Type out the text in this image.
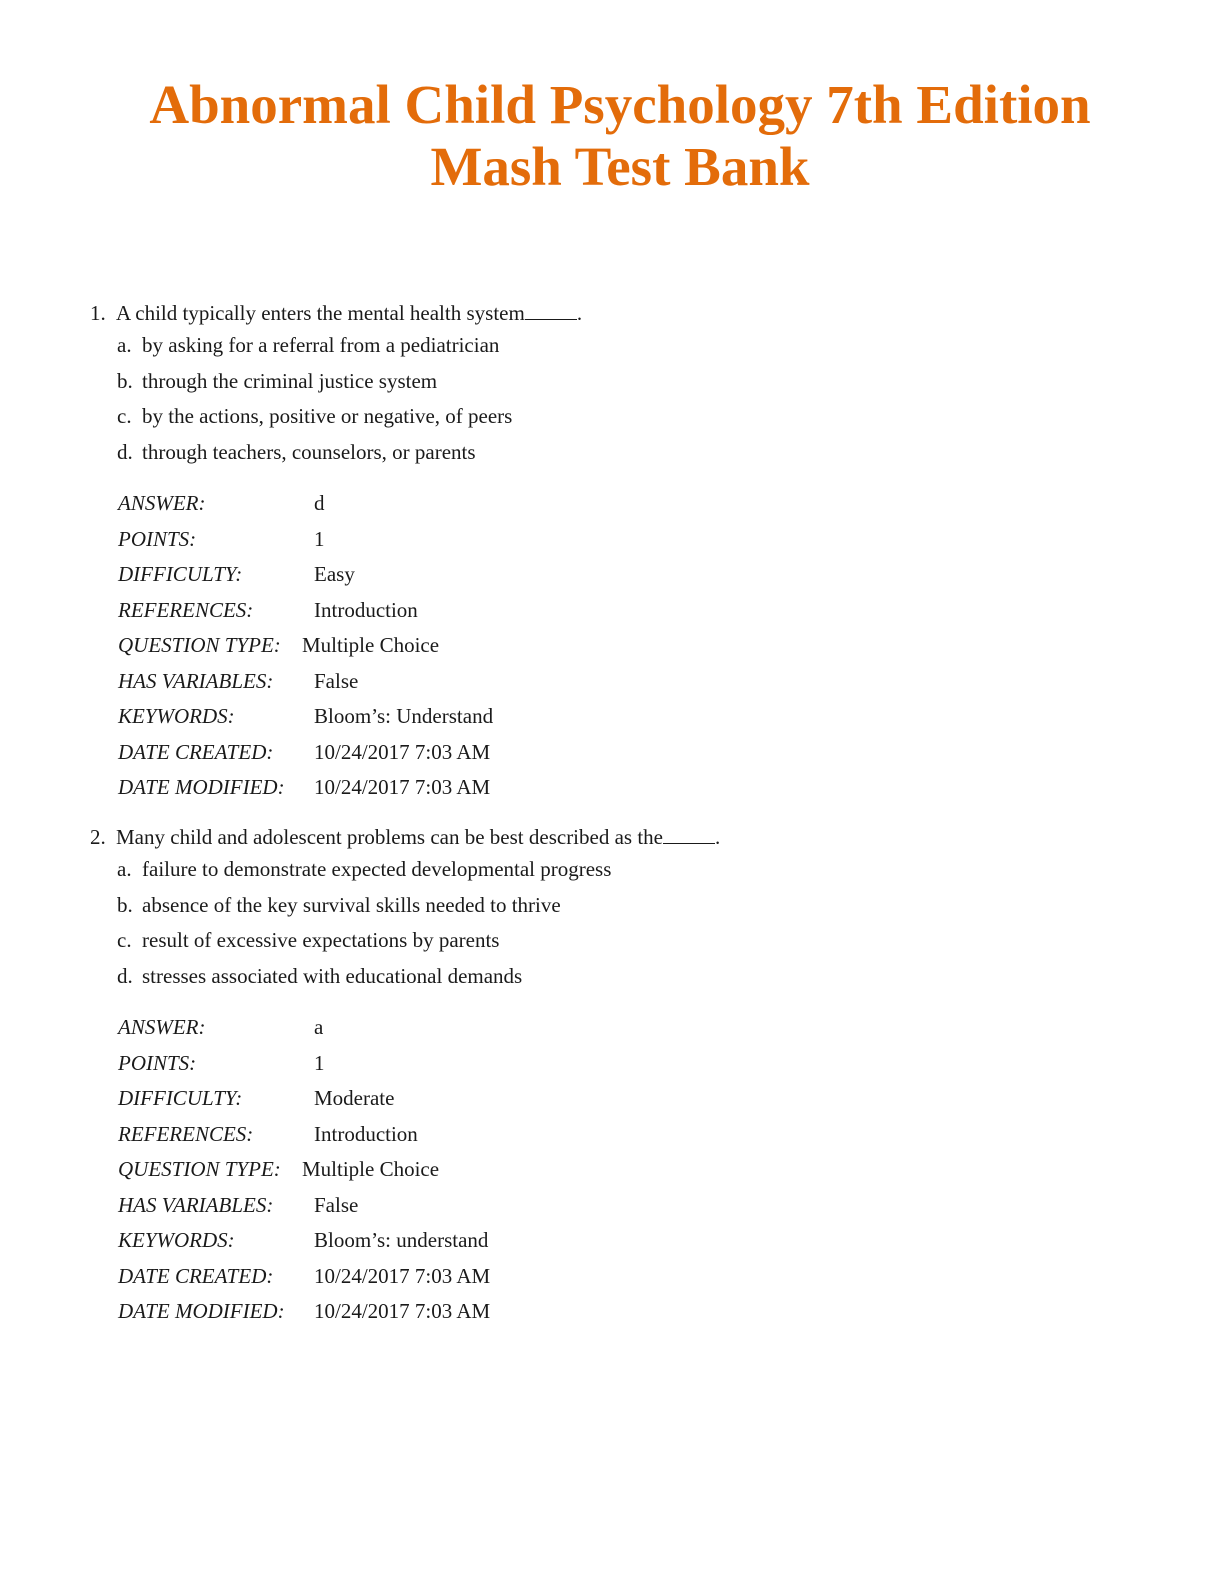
Abnormal Child Psychology 7th Edition
Mash Test Bank
1. A child typically enters the mental health system .
a. by asking for a referral from a pediatrician
b. through the criminal justice system
c. by the actions, positive or negative, of peers
d. through teachers, counselors, or parents
ANSWER:	d
POINTS:	1
DIFFICULTY:	Easy
REFERENCES:	Introduction
QUESTION TYPE: Multiple Choice
HAS VARIABLES: False
KEYWORDS:	Bloom’s: Understand
DATE CREATED: 10/24/2017 7:03 AM
DATE MODIFIED: 10/24/2017 7:03 AM
2. Many child and adolescent problems can be best described as the .
a. failure to demonstrate expected developmental progress
b. absence of the key survival skills needed to thrive
c. result of excessive expectations by parents
d. stresses associated with educational demands
ANSWER:	a
POINTS:	1
DIFFICULTY:	Moderate
REFERENCES:	Introduction
QUESTION TYPE: Multiple Choice
HAS VARIABLES: False
KEYWORDS:	Bloom’s: understand
DATE CREATED: 10/24/2017 7:03 AM
DATE MODIFIED: 10/24/2017 7:03 AM
